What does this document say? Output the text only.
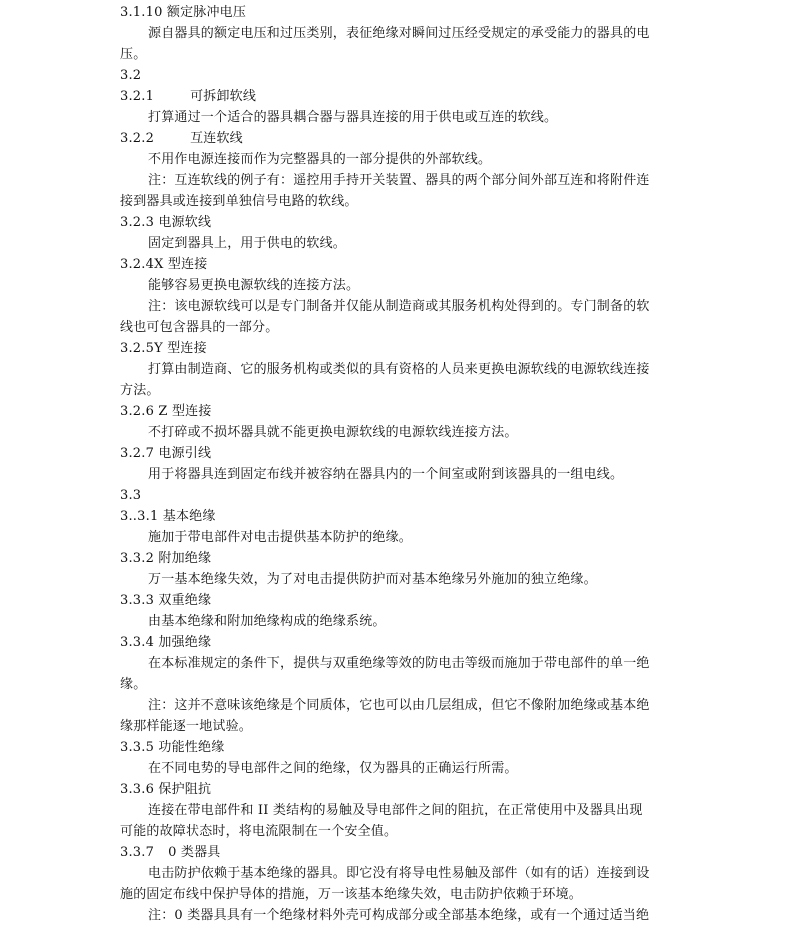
3.1.10 额定脉冲电压
源自器具的额定电压和过压类别，表征绝缘对瞬间过压经受规定的承受能力的器具的电
压。
3.2
3.2.1	可拆卸软线
打算通过一个适合的器具耦合器与器具连接的用于供电或互连的软线。
3.2.2	互连软线
不用作电源连接而作为完整器具的一部分提供的外部软线。
注：互连软线的例子有：遥控用手持开关装置、器具的两个部分间外部互连和将附件连
接到器具或连接到单独信号电路的软线。
3.2.3 电源软线
固定到器具上，用于供电的软线。
3.2.4X 型连接
能够容易更换电源软线的连接方法。
注：该电源软线可以是专门制备并仅能从制造商或其服务机构处得到的。专门制备的软
线也可包含器具的一部分。
3.2.5Y 型连接
打算由制造商、它的服务机构或类似的具有资格的人员来更换电源软线的电源软线连接
方法。
3.2.6 Z 型连接
不打碎或不损坏器具就不能更换电源软线的电源软线连接方法。
3.2.7 电源引线
用于将器具连到固定布线并被容纳在器具内的一个间室或附到该器具的一组电线。
3.3
3..3.1 基本绝缘
施加于带电部件对电击提供基本防护的绝缘。
3.3.2 附加绝缘
万一基本绝缘失效，为了对电击提供防护而对基本绝缘另外施加的独立绝缘。
3.3.3 双重绝缘
由基本绝缘和附加绝缘构成的绝缘系统。
3.3.4 加强绝缘
在本标准规定的条件下，提供与双重绝缘等效的防电击等级而施加于带电部件的单一绝
缘。
注：这并不意味该绝缘是个同质体，它也可以由几层组成，但它不像附加绝缘或基本绝
缘那样能逐一地试验。
3.3.5 功能性绝缘
在不同电势的导电部件之间的绝缘，仅为器具的正确运行所需。
3.3.6 保护阻抗
连接在带电部件和 II 类结构的易触及导电部件之间的阻抗，在正常使用中及器具出现
可能的故障状态时，将电流限制在一个安全值。
3.3.7 0 类器具
电击防护依赖于基本绝缘的器具。即它没有将导电性易触及部件（如有的话）连接到设
施的固定布线中保护导体的措施，万一该基本绝缘失效，电击防护依赖于环境。
注：0 类器具具有一个绝缘材料外壳可构成部分或全部基本绝缘，或有一个通过适当绝
